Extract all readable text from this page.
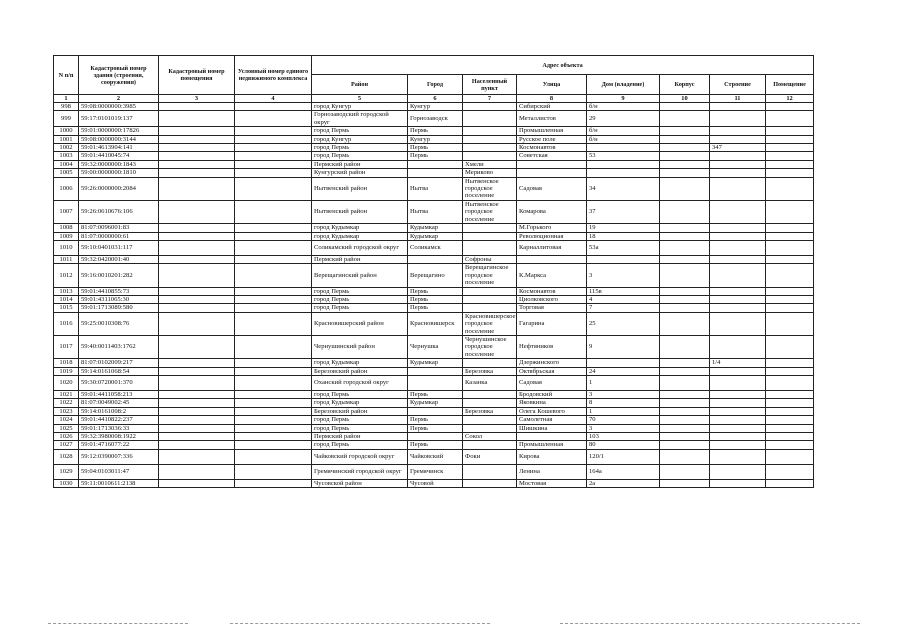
N п/п	Кадастровый номер здания (строения, сооружения)	Кадастровый номер помещения	Условный номер единого недвижимого комплекса	Адрес объекта							
				Район	Город	Населенный пункт	Улица	Дом (владение)	Корпус	Строение	Помещение
1	2	3	4	5	6	7	8	9	10	11	12
998	59:08:0000000:3985			город Кунгур	Кунгур		Сибирский	б/н			
999	59:17:0101019:137			Горнозаводский городской округ	Горнозаводск		Металлистов	29			
1000	59:01:0000000:17826			город Пермь	Пермь		Промышленная	б/н			
1001	59:08:0000000:3144			город Кунгур	Кунгур		Русское поле	б/н			
1002	59:01:4613904:141			город Пермь	Пермь		Космонавтов			347	
1003	59:01:4410045:74			город Пермь	Пермь		Советская	53			
1004	59:32:0000000:1843			Пермский район		Хмели					
1005	59:00:0000000:1810			Кунгурский район		Мериково					
1006	59:26:0000000:2084			Нытвенский район	Нытва	Нытвенское городское поселение	Садовая	34			
1007	59:26:0610676:106			Нытвенский район	Нытва	Нытвенское городское поселение	Комарова	37			
1008	81:07:0096001:83			город Кудымкар	Кудымкар		М.Горького	19			
1009	81:07:0000000:61			город Кудымкар	Кудымкар		Революционная	18			
1010	59:10:0401031:117			Соликамский городской округ	Соликамск		Карналлитовая	53а			
1011	59:32:0420001:40			Пермский район		Софроны					
1012	59:16:0010201:282			Верещагинский район	Верещагино	Верещагинское городское поселение	К.Маркса	3			
1013	59:01:4410855:73			город Пермь	Пермь		Космонавтов	115в			
1014	59:01:4311065:30			город Пермь	Пермь		Циолковского	4			
1015	59:01:1713089:580			город Пермь	Пермь		Торговая	7			
1016	59:25:0010308:76			Красновишерский район	Красновишерск	Красновишерское городское поселение	Гагарина	25			
1017	59:40:0011403:1762			Чернушинский район	Чернушка	Чернушинское городское поселение	Нефтяников	9			
1018	81:07:0102009:217			город Кудымкар	Кудымкар		Дзержинского			1/4	
1019	59:14:0161068:54			Березовский район		Березовка	Октябрьская	24			
1020	59:30:0720001:370			Оханский городской округ		Казанка	Садовая	1			
1021	59:01:4411058:213			город Пермь	Пермь		Бродовский	3			
1022	81:07:0049002:45			город Кудымкар	Кудымкар		Яковкина	8			
1023	59:14:0161008:2			Березовский район		Березовка	Олега Кошевого	1			
1024	59:01:4410822:237			город Пермь	Пермь		Самолетная	70			
1025	59:01:1713036:33			город Пермь	Пермь		Шишкина	3			
1026	59:32:3980008:1922			Пермский район		Сокол		103			
1027	59:01:4716077:22			город Пермь	Пермь		Промышленная	80			
1028	59:12:0390007:336			Чайковский городской округ	Чайковский	Фоки	Кирова	120/1			
1029	59:04:0103011:47			Гремячинский городской округ	Гремячинск		Ленина	164а			
1030	59:11:0010611:2138			Чусовской район	Чусовой		Мостовая	2а			
